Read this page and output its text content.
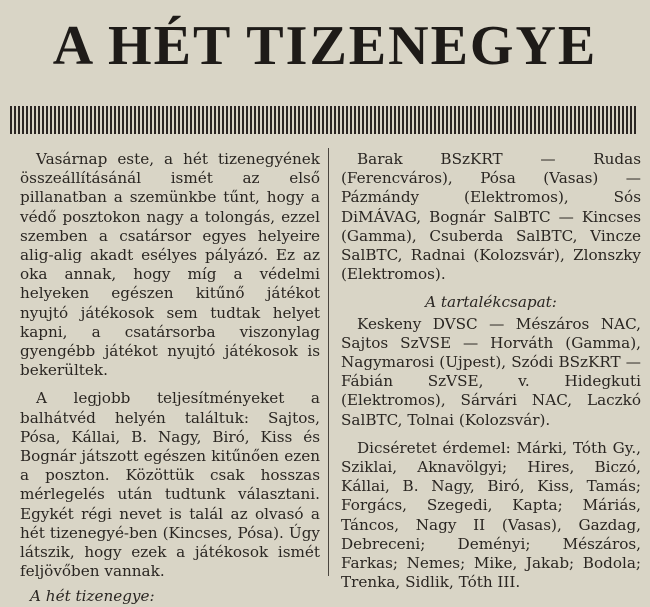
A HÉT TIZENEGYE

Vasárnap este, a hét tizenegyének összeállításánál ismét az első pillanatban a szemünkbe tűnt, hogy a védő posztokon nagy a tolongás, ezzel szemben a csatársor egyes helyeire alig-alig akadt esélyes pályázó. Ez az oka annak, hogy míg a védelmi helyeken egészen kitűnő játékot nyujtó játékosok sem tudtak helyet kapni, a csatársorba viszonylag gyengébb játékot nyujtó játékosok is bekerültek.

A legjobb teljesítményeket a balhátvéd helyén találtuk: Sajtos, Pósa, Kállai, B. Nagy, Biró, Kiss és Bognár játszott egészen kitűnően ezen a poszton. Közöttük csak hosszas mérlegelés után tudtunk választani. Egykét régi nevet is talál az olvasó a hét tizenegyé-ben (Kincses, Pósa). Úgy látszik, hogy ezek a játékosok ismét feljövőben vannak.

A hét tizenegye:

Barak BSzKRT — Rudas (Ferencváros), Pósa (Vasas) — Pázmándy (Elektromos), Sós DiMÁVAG, Bognár SalBTC — Kincses (Gamma), Csuberda SalBTC, Vincze SalBTC, Radnai (Kolozsvár), Zlonszky (Elektromos).

A tartalékcsapat:

Keskeny DVSC — Mészáros NAC, Sajtos SzVSE — Horváth (Gamma), Nagymarosi (Ujpest), Szódi BSzKRT — Fábián SzVSE, v. Hidegkuti (Elektromos), Sárvári NAC, Laczkó SalBTC, Tolnai (Kolozsvár).

Dicséretet érdemel: Márki, Tóth Gy., Sziklai, Aknavölgyi; Hires, Biczó, Kállai, B. Nagy, Biró, Kiss, Tamás; Forgács, Szegedi, Kapta; Máriás, Táncos, Nagy II (Vasas), Gazdag, Debreceni; Deményi; Mészáros, Farkas; Nemes; Mike, Jakab; Bodola; Trenka, Sidlik, Tóth III.
